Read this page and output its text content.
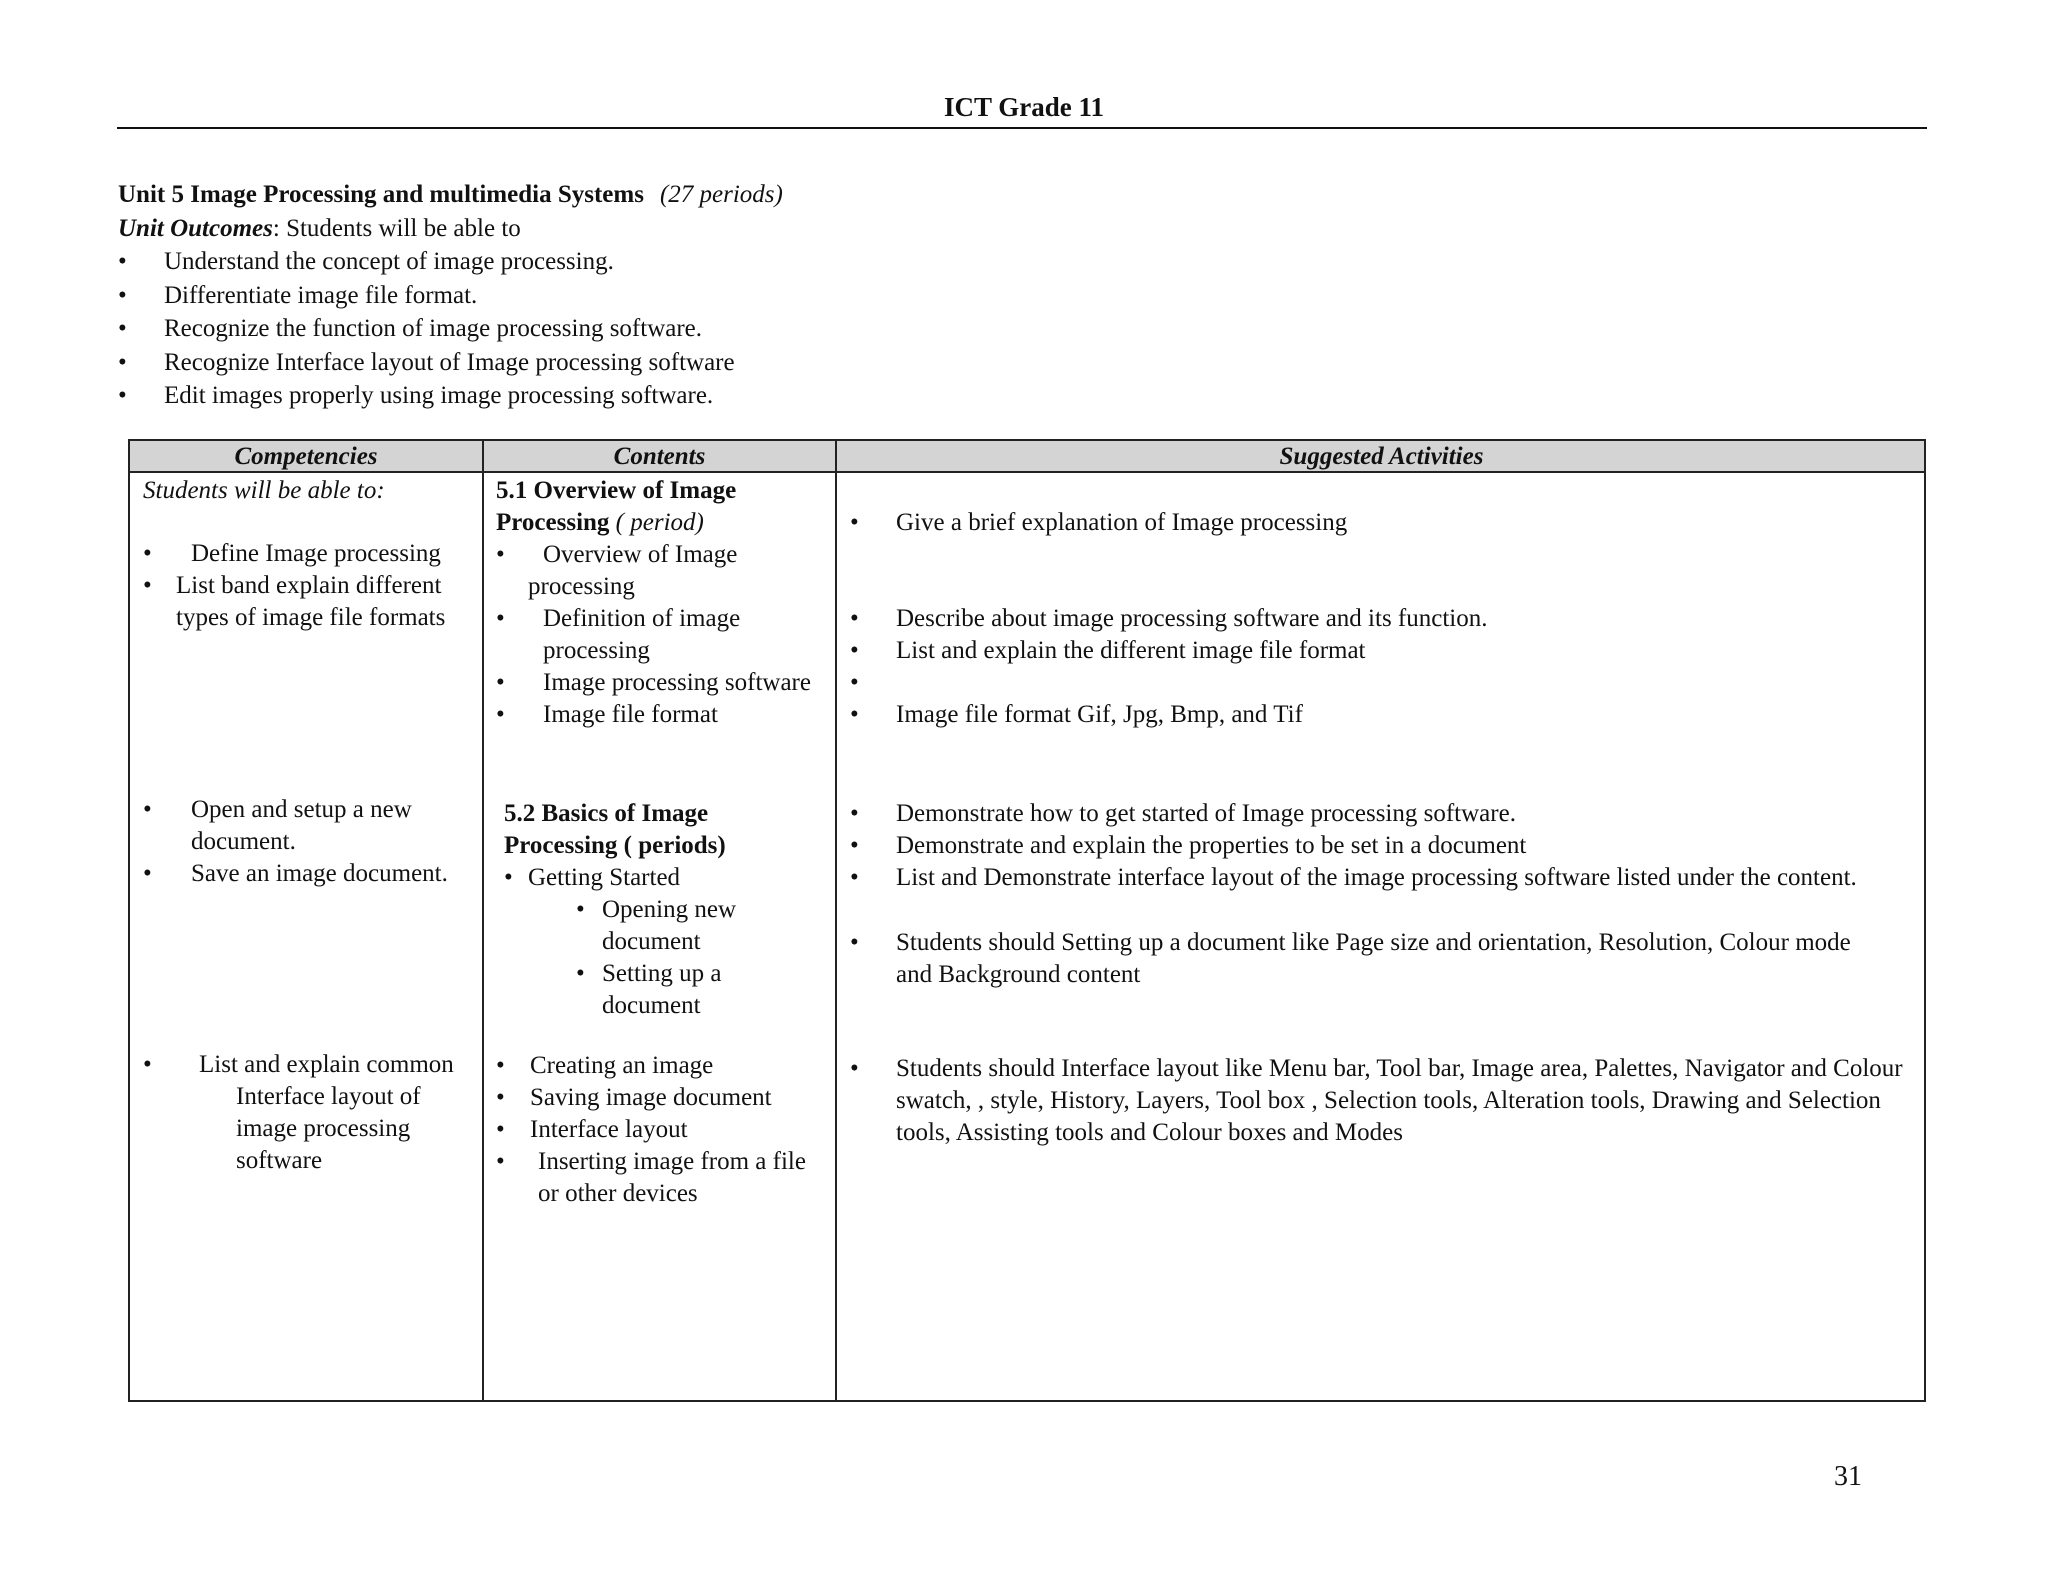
ICT Grade 11
Unit 5 Image Processing and multimedia Systems (27 periods)
Unit Outcomes: Students will be able to
• Understand the concept of image processing.
• Differentiate image file format.
• Recognize the function of image processing software.
• Recognize Interface layout of Image processing software
• Edit images properly using image processing software.
Competencies	Contents	Suggested Activities
Students will be able to:
• Define Image processing
• List band explain different types of image file formats
• Open and setup a new document.
• Save an image document.
• List and explain common Interface layout of image processing software
5.1 Overview of Image Processing ( period)
• Overview of Image processing
• Definition of image processing
• Image processing software
• Image file format
5.2 Basics of Image Processing ( periods)
• Getting Started
• Opening new document
• Setting up a document
• Creating an image
• Saving image document
• Interface layout
• Inserting image from a file or other devices
• Give a brief explanation of Image processing
• Describe about image processing software and its function.
• List and explain the different image file format
•
• Image file format Gif, Jpg, Bmp, and Tif
• Demonstrate how to get started of Image processing software.
• Demonstrate and explain the properties to be set in a document
• List and Demonstrate interface layout of the image processing software listed under the content.
• Students should Setting up a document like Page size and orientation, Resolution, Colour mode and Background content
• Students should Interface layout like Menu bar, Tool bar, Image area, Palettes, Navigator and Colour swatch, , style, History, Layers, Tool box , Selection tools, Alteration tools, Drawing and Selection tools, Assisting tools and Colour boxes and Modes
31
